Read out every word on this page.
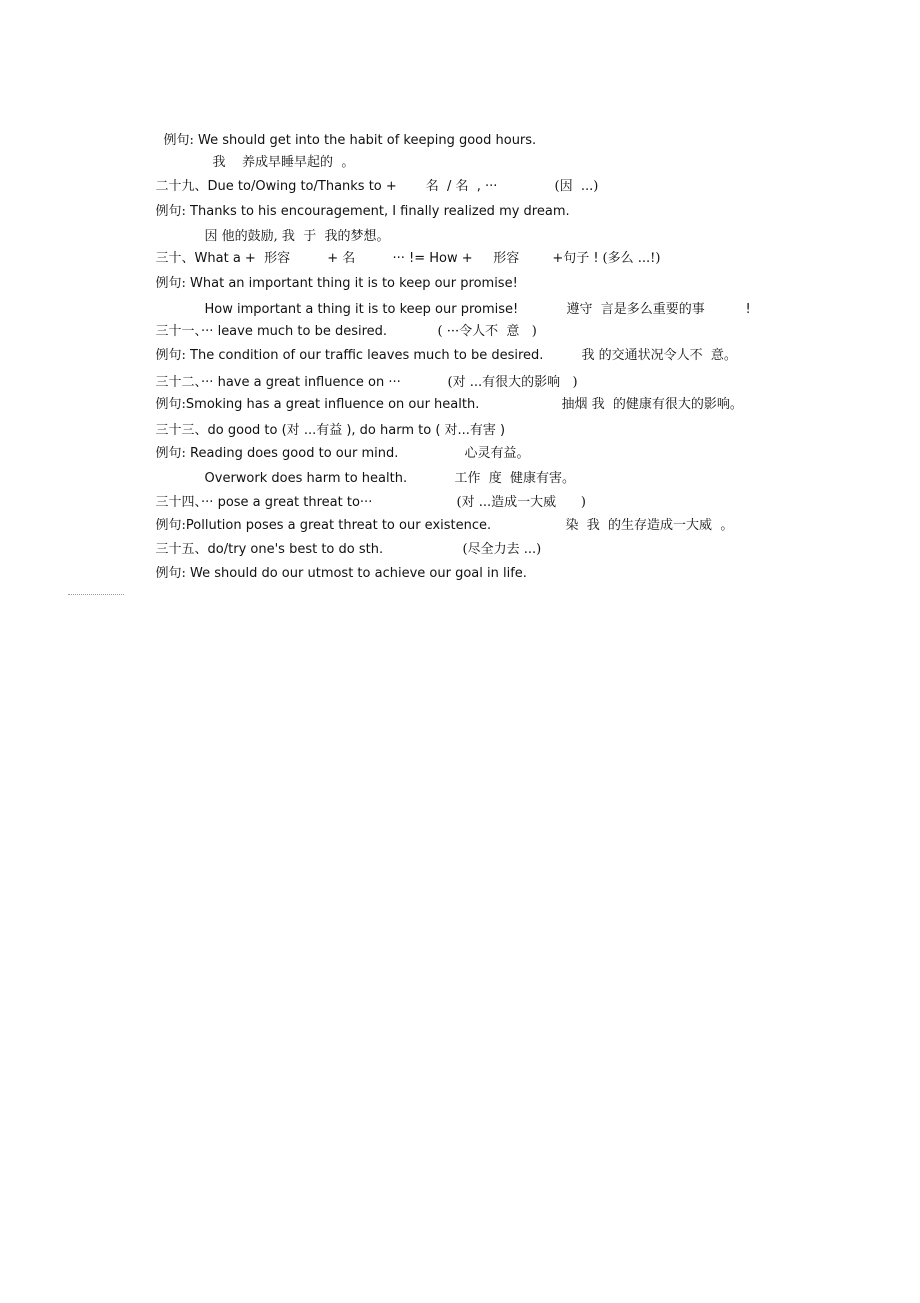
例句: We should get into the habit of keeping good hours.

我    养成早睡早起的  。

二十九、Due to/Owing to/Thanks to +       名  / 名  , ···
	(因  ...)

例句: Thanks to his encouragement, I finally realized my dream.

因 他的鼓励, 我  于  我的梦想。

三十、What a +  形容         + 名         ··· != How +     形容        +句子 !
(多么 ...!)

例句: What an important thing it is to keep our promise!

How important a thing it is to keep our promise!
	遵守  言是多么重要的事
	!

三十一、··· leave much to be desired.
	( ···令人不  意   )

例句: The condition of our traffic leaves much to be desired.
	我 的交通状况令人不  意。

三十二、··· have a great influence on ···
	(对 ...有很大的影响   )

例句:Smoking has a great influence on our health.
	抽烟 我  的健康有很大的影响。

三十三、do good to (对 ...有益 ), do harm to ( 对...有害 )

例句: Reading does good to our mind.
	心灵有益。

Overwork does harm to health.
	工作  度  健康有害。

三十四、··· pose a great threat to···
	(对 ...造成一大威      )

例句:Pollution poses a great threat to our existence.
	染  我  的生存造成一大威  。

三十五、do/try one's best to do sth.
	(尽全力去 ...)

例句: We should do our utmost to achieve our goal in life.
